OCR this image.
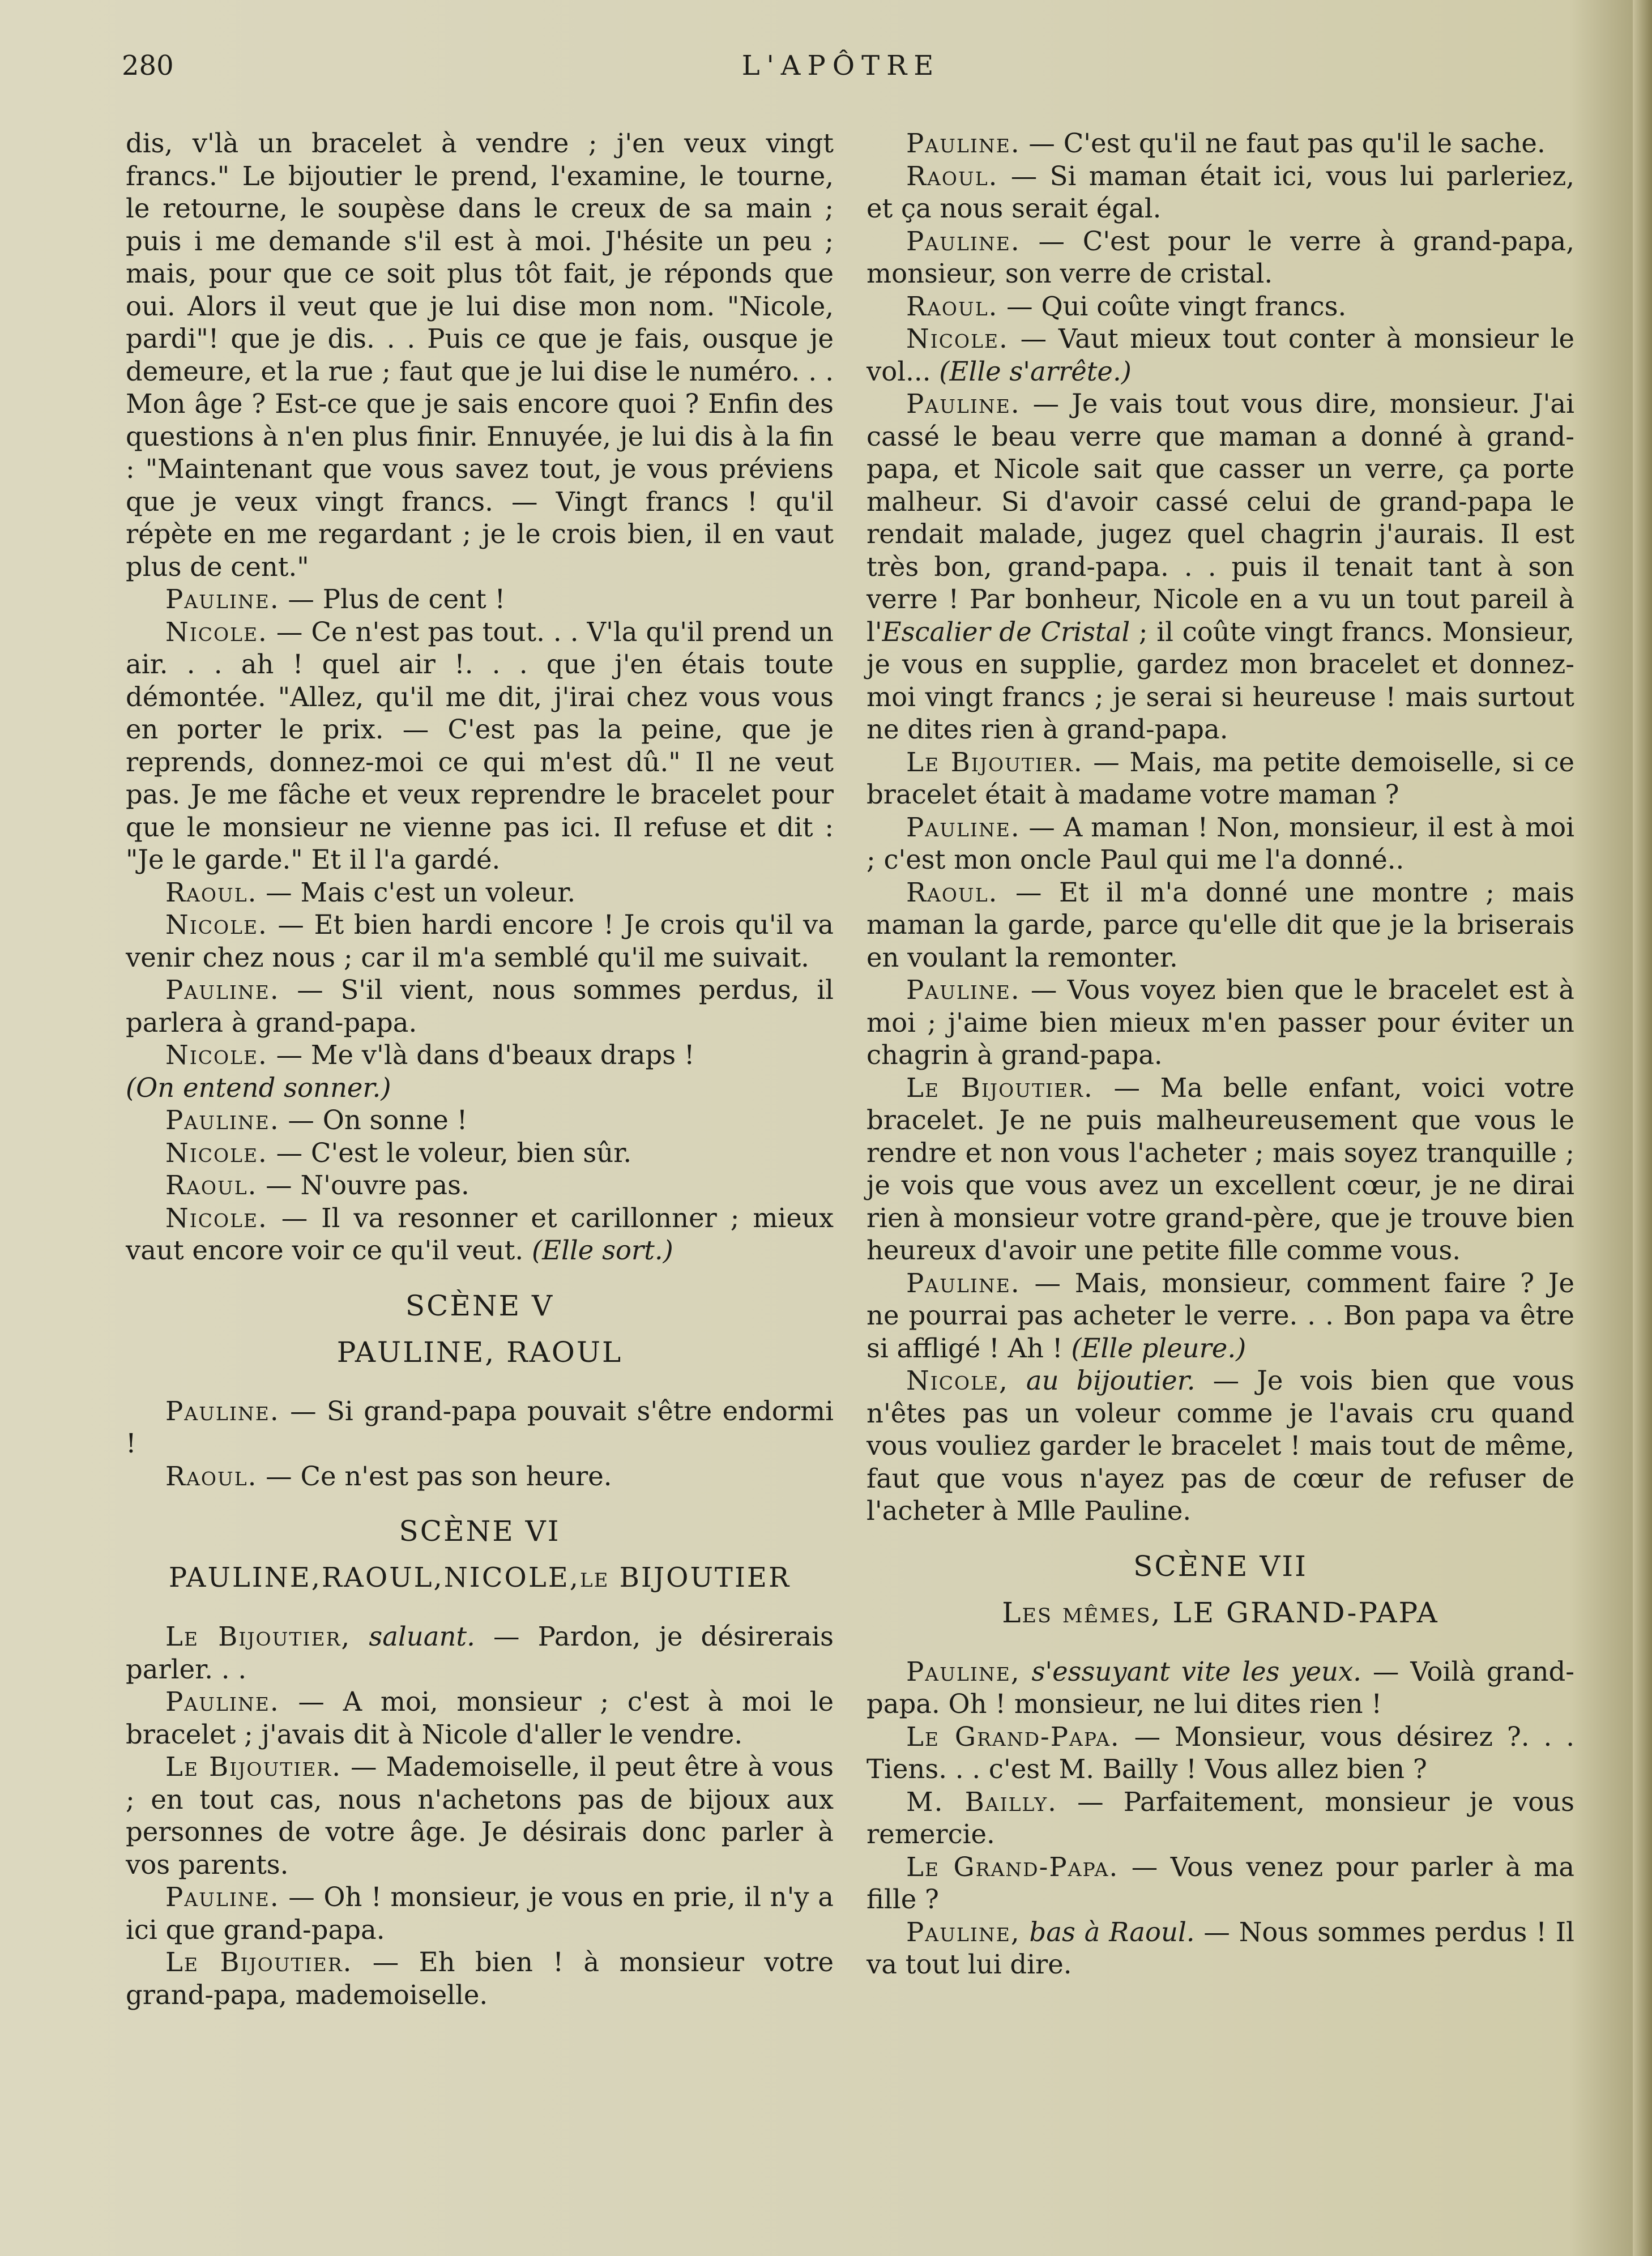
280	L'APÔTRE

dis, v'là un bracelet à vendre ; j'en veux vingt francs." Le bijoutier le prend, l'examine, le tourne, le retourne, le soupèse dans le creux de sa main ; puis i me demande s'il est à moi. J'hésite un peu ; mais, pour que ce soit plus tôt fait, je réponds que oui. Alors il veut que je lui dise mon nom. "Nicole, pardi"! que je dis. . . Puis ce que je fais, ousque je demeure, et la rue ; faut que je lui dise le numéro. . . Mon âge ? Est-ce que je sais encore quoi ? Enfin des questions à n'en plus finir. Ennuyée, je lui dis à la fin : "Maintenant que vous savez tout, je vous préviens que je veux vingt francs. — Vingt francs ! qu'il répète en me regardant ; je le crois bien, il en vaut plus de cent."

Pauline. — Plus de cent !

Nicole. — Ce n'est pas tout. . . V'la qu'il prend un air. . . ah ! quel air !. . . que j'en étais toute démontée. "Allez, qu'il me dit, j'irai chez vous vous en porter le prix. — C'est pas la peine, que je reprends, donnez-moi ce qui m'est dû." Il ne veut pas. Je me fâche et veux reprendre le bracelet pour que le monsieur ne vienne pas ici. Il refuse et dit : "Je le garde." Et il l'a gardé.

Raoul. — Mais c'est un voleur.

Nicole. — Et bien hardi encore ! Je crois qu'il va venir chez nous ; car il m'a semblé qu'il me suivait.

Pauline. — S'il vient, nous sommes perdus, il parlera à grand-papa.

Nicole. — Me v'là dans d'beaux draps !

(On entend sonner.)

Pauline. — On sonne !

Nicole. — C'est le voleur, bien sûr.

Raoul. — N'ouvre pas.

Nicole. — Il va resonner et carillonner ; mieux vaut encore voir ce qu'il veut. (Elle sort.)

SCÈNE V
PAULINE, RAOUL

Pauline. — Si grand-papa pouvait s'être endormi !

Raoul. — Ce n'est pas son heure.

SCÈNE VI
PAULINE,RAOUL,NICOLE,le BIJOUTIER

Le Bijoutier, saluant. — Pardon, je désirerais parler. . .

Pauline. — A moi, monsieur ; c'est à moi le bracelet ; j'avais dit à Nicole d'aller le vendre.

Le Bijoutier. — Mademoiselle, il peut être à vous ; en tout cas, nous n'achetons pas de bijoux aux personnes de votre âge. Je désirais donc parler à vos parents.

Pauline. — Oh ! monsieur, je vous en prie, il n'y a ici que grand-papa.

Le Bijoutier. — Eh bien ! à monsieur votre grand-papa, mademoiselle.

Pauline. — C'est qu'il ne faut pas qu'il le sache.

Raoul. — Si maman était ici, vous lui parleriez, et ça nous serait égal.

Pauline. — C'est pour le verre à grand-papa, monsieur, son verre de cristal.

Raoul. — Qui coûte vingt francs.

Nicole. — Vaut mieux tout conter à monsieur le vol... (Elle s'arrête.)

Pauline. — Je vais tout vous dire, monsieur. J'ai cassé le beau verre que maman a donné à grand-papa, et Nicole sait que casser un verre, ça porte malheur. Si d'avoir cassé celui de grand-papa le rendait malade, jugez quel chagrin j'aurais. Il est très bon, grand-papa. . . puis il tenait tant à son verre ! Par bonheur, Nicole en a vu un tout pareil à l'Escalier de Cristal ; il coûte vingt francs. Monsieur, je vous en supplie, gardez mon bracelet et donnez-moi vingt francs ; je serai si heureuse ! mais surtout ne dites rien à grand-papa.

Le Bijoutier. — Mais, ma petite demoiselle, si ce bracelet était à madame votre maman ?

Pauline. — A maman ! Non, monsieur, il est à moi ; c'est mon oncle Paul qui me l'a donné..

Raoul. — Et il m'a donné une montre ; mais maman la garde, parce qu'elle dit que je la briserais en voulant la remonter.

Pauline. — Vous voyez bien que le bracelet est à moi ; j'aime bien mieux m'en passer pour éviter un chagrin à grand-papa.

Le Bijoutier. — Ma belle enfant, voici votre bracelet. Je ne puis malheureusement que vous le rendre et non vous l'acheter ; mais soyez tranquille ; je vois que vous avez un excellent cœur, je ne dirai rien à monsieur votre grand-père, que je trouve bien heureux d'avoir une petite fille comme vous.

Pauline. — Mais, monsieur, comment faire ? Je ne pourrai pas acheter le verre. . . Bon papa va être si affligé ! Ah ! (Elle pleure.)

Nicole, au bijoutier. — Je vois bien que vous n'êtes pas un voleur comme je l'avais cru quand vous vouliez garder le bracelet ! mais tout de même, faut que vous n'ayez pas de cœur de refuser de l'acheter à Mlle Pauline.

SCÈNE VII
Les mêmes, LE GRAND-PAPA

Pauline, s'essuyant vite les yeux. — Voilà grand-papa. Oh ! monsieur, ne lui dites rien !

Le Grand-Papa. — Monsieur, vous désirez ?. . . Tiens. . . c'est M. Bailly ! Vous allez bien ?

M. Bailly. — Parfaitement, monsieur je vous remercie.

Le Grand-Papa. — Vous venez pour parler à ma fille ?

Pauline, bas à Raoul. — Nous sommes perdus ! Il va tout lui dire.
